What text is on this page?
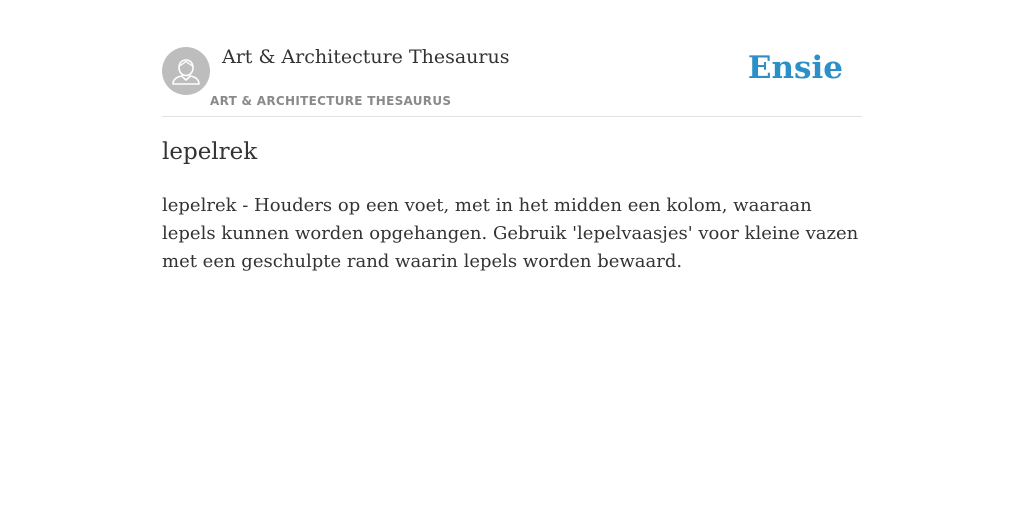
Art & Architecture Thesaurus
ART & ARCHITECTURE THESAURUS
Ensie
lepelrek

lepelrek - Houders op een voet, met in het midden een kolom, waaraan lepels kunnen worden opgehangen. Gebruik 'lepelvaasjes' voor kleine vazen met een geschulpte rand waarin lepels worden bewaard.
